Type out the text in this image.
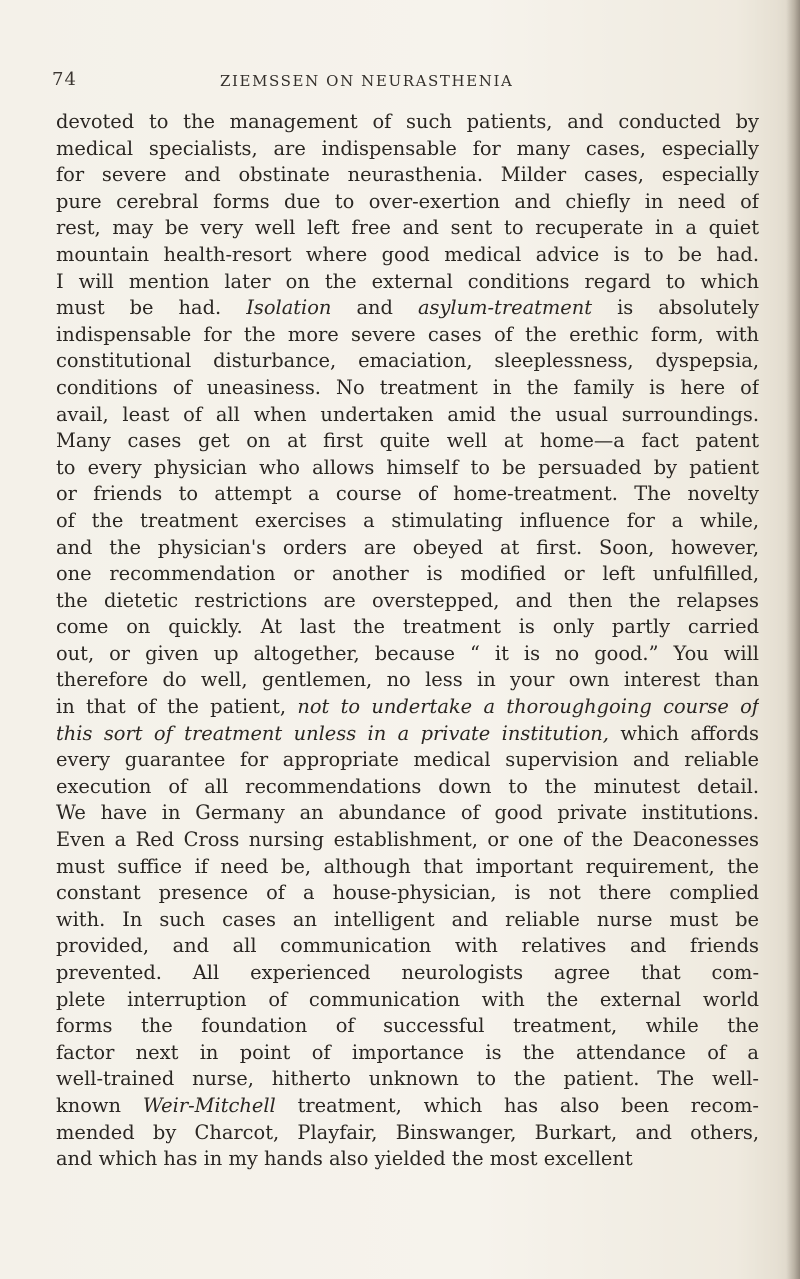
74	ZIEMSSEN ON NEURASTHENIA
devoted to the management of such patients, and conducted by
medical specialists, are indispensable for many cases, especially
for severe and obstinate neurasthenia. Milder cases, especially
pure cerebral forms due to over-exertion and chiefly in need of
rest, may be very well left free and sent to recuperate in a quiet
mountain health-resort where good medical advice is to be had.
I will mention later on the external conditions regard to which
must be had. Isolation and asylum-treatment is absolutely
indispensable for the more severe cases of the erethic form, with
constitutional disturbance, emaciation, sleeplessness, dyspepsia,
conditions of uneasiness. No treatment in the family is here of
avail, least of all when undertaken amid the usual surroundings.
Many cases get on at first quite well at home—a fact patent
to every physician who allows himself to be persuaded by patient
or friends to attempt a course of home-treatment. The novelty
of the treatment exercises a stimulating influence for a while,
and the physician's orders are obeyed at first. Soon, however,
one recommendation or another is modified or left unfulfilled,
the dietetic restrictions are overstepped, and then the relapses
come on quickly. At last the treatment is only partly carried
out, or given up altogether, because “ it is no good.” You will
therefore do well, gentlemen, no less in your own interest than
in that of the patient, not to undertake a thoroughgoing course of
this sort of treatment unless in a private institution, which affords
every guarantee for appropriate medical supervision and reliable
execution of all recommendations down to the minutest detail.
We have in Germany an abundance of good private institutions.
Even a Red Cross nursing establishment, or one of the Deaconesses
must suffice if need be, although that important requirement, the
constant presence of a house-physician, is not there complied
with. In such cases an intelligent and reliable nurse must be
provided, and all communication with relatives and friends
prevented. All experienced neurologists agree that com-
plete interruption of communication with the external world
forms the foundation of successful treatment, while the
factor next in point of importance is the attendance of a
well-trained nurse, hitherto unknown to the patient. The well-
known Weir-Mitchell treatment, which has also been recom-
mended by Charcot, Playfair, Binswanger, Burkart, and others,
and which has in my hands also yielded the most excellent
